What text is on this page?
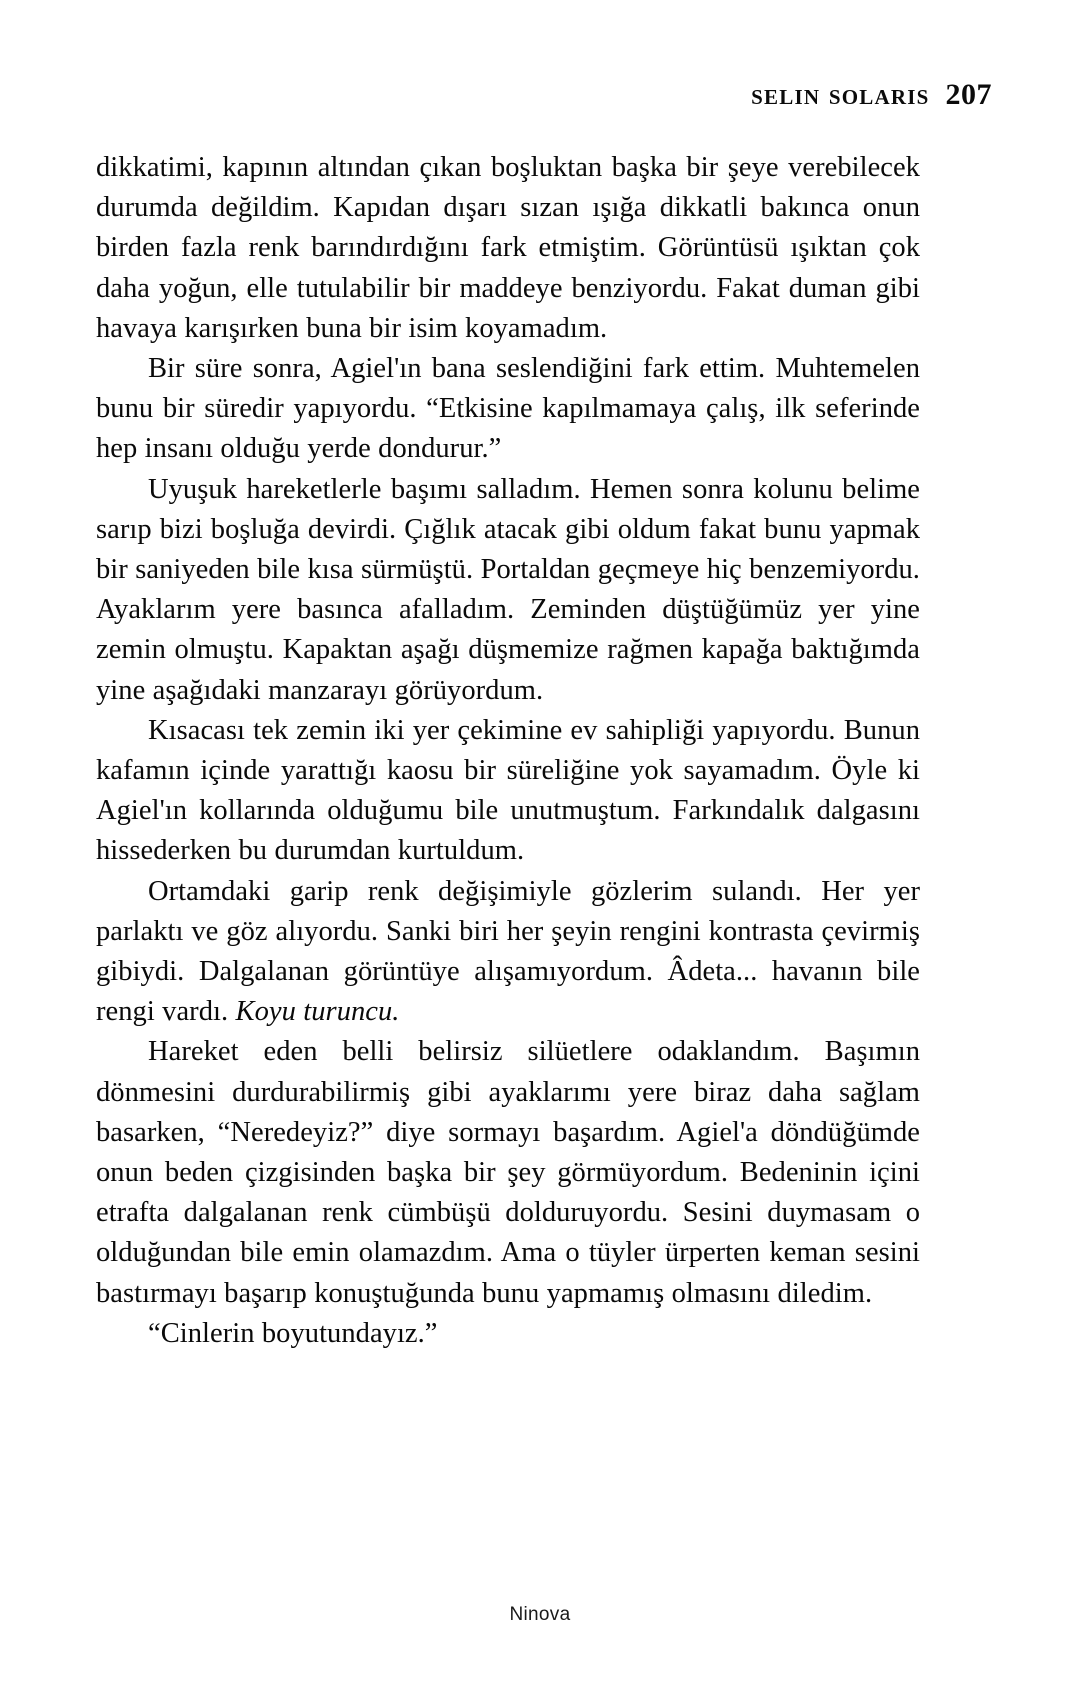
selin solaris 207

dikkatimi, kapının altından çıkan boşluktan başka bir şeye verebilecek durumda değildim. Kapıdan dışarı sızan ışığa dikkatli bakınca onun birden fazla renk barındırdığını fark etmiştim. Görüntüsü ışıktan çok daha yoğun, elle tutulabilir bir maddeye benziyordu. Fakat duman gibi havaya karışırken buna bir isim koyamadım.

Bir süre sonra, Agiel'ın bana seslendiğini fark ettim. Muhtemelen bunu bir süredir yapıyordu. “Etkisine kapılmamaya çalış, ilk seferinde hep insanı olduğu yerde dondurur.”

Uyuşuk hareketlerle başımı salladım. Hemen sonra kolunu belime sarıp bizi boşluğa devirdi. Çığlık atacak gibi oldum fakat bunu yapmak bir saniyeden bile kısa sürmüştü. Portaldan geçmeye hiç benzemiyordu. Ayaklarım yere basınca afalladım. Zeminden düştüğümüz yer yine zemin olmuştu. Kapaktan aşağı düşmemize rağmen kapağa baktığımda yine aşağıdaki manzarayı görüyordum.

Kısacası tek zemin iki yer çekimine ev sahipliği yapıyordu. Bunun kafamın içinde yarattığı kaosu bir süreliğine yok sayamadım. Öyle ki Agiel'ın kollarında olduğumu bile unutmuştum. Farkındalık dalgasını hissederken bu durumdan kurtuldum.

Ortamdaki garip renk değişimiyle gözlerim sulandı. Her yer parlaktı ve göz alıyordu. Sanki biri her şeyin rengini kontrasta çevirmiş gibiydi. Dalgalanan görüntüye alışamıyordum. Âdeta... havanın bile rengi vardı. Koyu turuncu.

Hareket eden belli belirsiz silüetlere odaklandım. Başımın dönmesini durdurabilirmiş gibi ayaklarımı yere biraz daha sağlam basarken, “Neredeyiz?” diye sormayı başardım. Agiel'a döndüğümde onun beden çizgisinden başka bir şey görmüyordum. Bedeninin içini etrafta dalgalanan renk cümbüşü dolduruyordu. Sesini duymasam o olduğundan bile emin olamazdım. Ama o tüyler ürperten keman sesini bastırmayı başarıp konuştuğunda bunu yapmamış olmasını diledim.

“Cinlerin boyutundayız.”

Ninova
